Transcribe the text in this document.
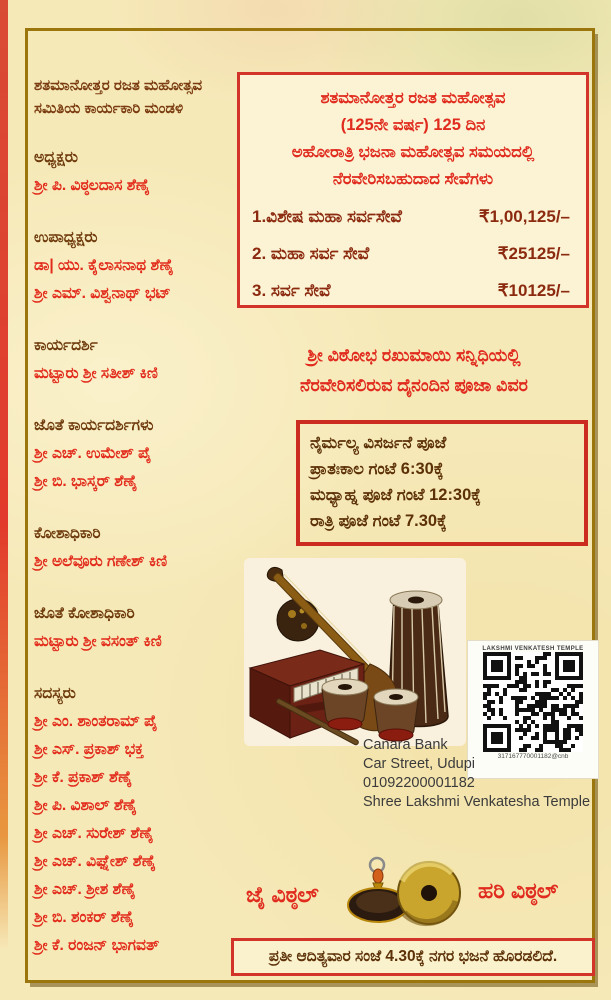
ಶತಮಾನೋತ್ತರ ರಜತ ಮಹೋತ್ಸವ
ಸಮಿತಿಯ ಕಾರ್ಯಕಾರಿ ಮಂಡಳಿ
ಅಧ್ಯಕ್ಷರು
ಶ್ರೀ ಪಿ. ವಿಠ್ಠಲದಾಸ ಶೆಣೈ
ಉಪಾಧ್ಯಕ್ಷರು
ಡಾ| ಯು. ಕೈಲಾಸನಾಥ ಶೆಣೈ
ಶ್ರೀ ಎಮ್. ವಿಶ್ವನಾಥ್ ಭಟ್
ಕಾರ್ಯದರ್ಶಿ
ಮಟ್ಟಾರು ಶ್ರೀ ಸತೀಶ್ ಕಿಣಿ
ಜೊತೆ ಕಾರ್ಯದರ್ಶಿಗಳು
ಶ್ರೀ ಎಚ್. ಉಮೇಶ್ ಪೈ
ಶ್ರೀ ಬಿ. ಭಾಸ್ಕರ್ ಶೆಣೈ
ಕೋಶಾಧಿಕಾರಿ
ಶ್ರೀ ಅಲೆವೂರು ಗಣೇಶ್ ಕಿಣಿ
ಜೊತೆ ಕೋಶಾಧಿಕಾರಿ
ಮಟ್ಟಾರು ಶ್ರೀ ವಸಂತ್ ಕಿಣಿ
ಸದಸ್ಯರು
ಶ್ರೀ ಎಂ. ಶಾಂತರಾಮ್ ಪೈ
ಶ್ರೀ ಎಸ್. ಪ್ರಕಾಶ್ ಭಕ್ತ
ಶ್ರೀ ಕೆ. ಪ್ರಕಾಶ್ ಶೆಣೈ
ಶ್ರೀ ಪಿ. ವಿಶಾಲ್ ಶೆಣೈ
ಶ್ರೀ ಎಚ್. ಸುರೇಶ್ ಶೆಣೈ
ಶ್ರೀ ಎಚ್. ವಿಘ್ನೇಶ್ ಶೆಣೈ
ಶ್ರೀ ಎಚ್. ಶ್ರೀಶ ಶೆಣೈ
ಶ್ರೀ ಬಿ. ಶಂಕರ್ ಶೆಣೈ
ಶ್ರೀ ಕೆ. ರಂಜನ್ ಭಾಗವತ್
ಶತಮಾನೋತ್ತರ ರಜತ ಮಹೋತ್ಸವ
(125ನೇ ವರ್ಷ) 125 ದಿನ
ಅಹೋರಾತ್ರಿ ಭಜನಾ ಮಹೋತ್ಸವ ಸಮಯದಲ್ಲಿ
ನೆರವೇರಿಸಬಹುದಾದ ಸೇವೆಗಳು
1.ವಿಶೇಷ ಮಹಾ ಸರ್ವಸೇವೆ	₹1,00,125/–
2. ಮಹಾ ಸರ್ವ ಸೇವೆ	₹25125/–
3. ಸರ್ವ ಸೇವೆ	₹10125/–
ಶ್ರೀ ವಿಠೋಭ ರಖುಮಾಯಿ ಸನ್ನಿಧಿಯಲ್ಲಿ
ನೆರವೇರಿಸಲಿರುವ ದೈನಂದಿನ ಪೂಜಾ ವಿವರ
ನೈರ್ಮಲ್ಯ ವಿಸರ್ಜನೆ ಪೂಜೆ
ಪ್ರಾತಃಕಾಲ ಗಂಟೆ 6:30ಕ್ಕೆ
ಮಧ್ಯಾಹ್ನ ಪೂಜೆ ಗಂಟೆ 12:30ಕ್ಕೆ
ರಾತ್ರಿ ಪೂಜೆ ಗಂಟೆ 7.30ಕ್ಕೆ
LAKSHMI VENKATESH TEMPLE
317167770001182@cnb
Canara Bank
Car Street, Udupi
01092200001182
Shree Lakshmi Venkatesha Temple
ಜೈ ವಿಠ್ಠಲ್	ಹರಿ ವಿಠ್ಠಲ್
ಪ್ರತೀ ಆದಿತ್ಯವಾರ ಸಂಜೆ 4.30ಕ್ಕೆ ನಗರ ಭಜನೆ ಹೊರಡಲಿದೆ.
